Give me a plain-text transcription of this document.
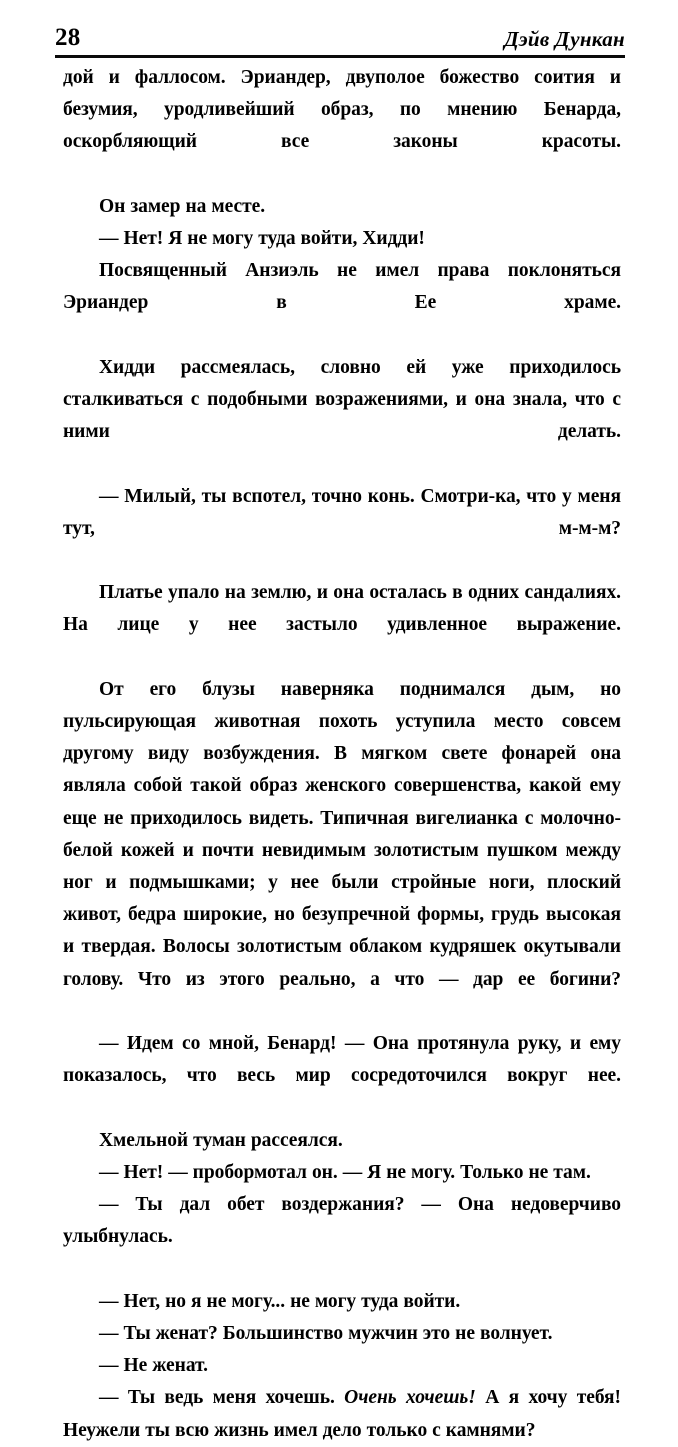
28	Дэйв Дункан

дой и фаллосом. Эриандер, двуполое божество соития и безумия, уродливейший образ, по мнению Бенарда, оскорбляющий все законы красоты.

Он замер на месте.

— Нет! Я не могу туда войти, Хидди!

Посвященный Анзиэль не имел права поклоняться Эриандер в Ее храме.

Хидди рассмеялась, словно ей уже приходилось сталкиваться с подобными возражениями, и она знала, что с ними делать.

— Милый, ты вспотел, точно конь. Смотри-ка, что у меня тут, м-м-м?

Платье упало на землю, и она осталась в одних сандалиях. На лице у нее застыло удивленное выражение.

От его блузы наверняка поднимался дым, но пульсирующая животная похоть уступила место совсем другому виду возбуждения. В мягком свете фонарей она являла собой такой образ женского совершенства, какой ему еще не приходилось видеть. Типичная вигелианка с молочно-белой кожей и почти невидимым золотистым пушком между ног и подмышками; у нее были стройные ноги, плоский живот, бедра широкие, но безупречной формы, грудь высокая и твердая. Волосы золотистым облаком кудряшек окутывали голову. Что из этого реально, а что — дар ее богини?

— Идем со мной, Бенард! — Она протянула руку, и ему показалось, что весь мир сосредоточился вокруг нее.

Хмельной туман рассеялся.

— Нет! — пробормотал он. — Я не могу. Только не там.

— Ты дал обет воздержания? — Она недоверчиво улыбнулась.

— Нет, но я не могу... не могу туда войти.

— Ты женат? Большинство мужчин это не волнует.

— Не женат.

— Ты ведь меня хочешь. Очень хочешь! А я хочу тебя! Неужели ты всю жизнь имел дело только с камнями?
